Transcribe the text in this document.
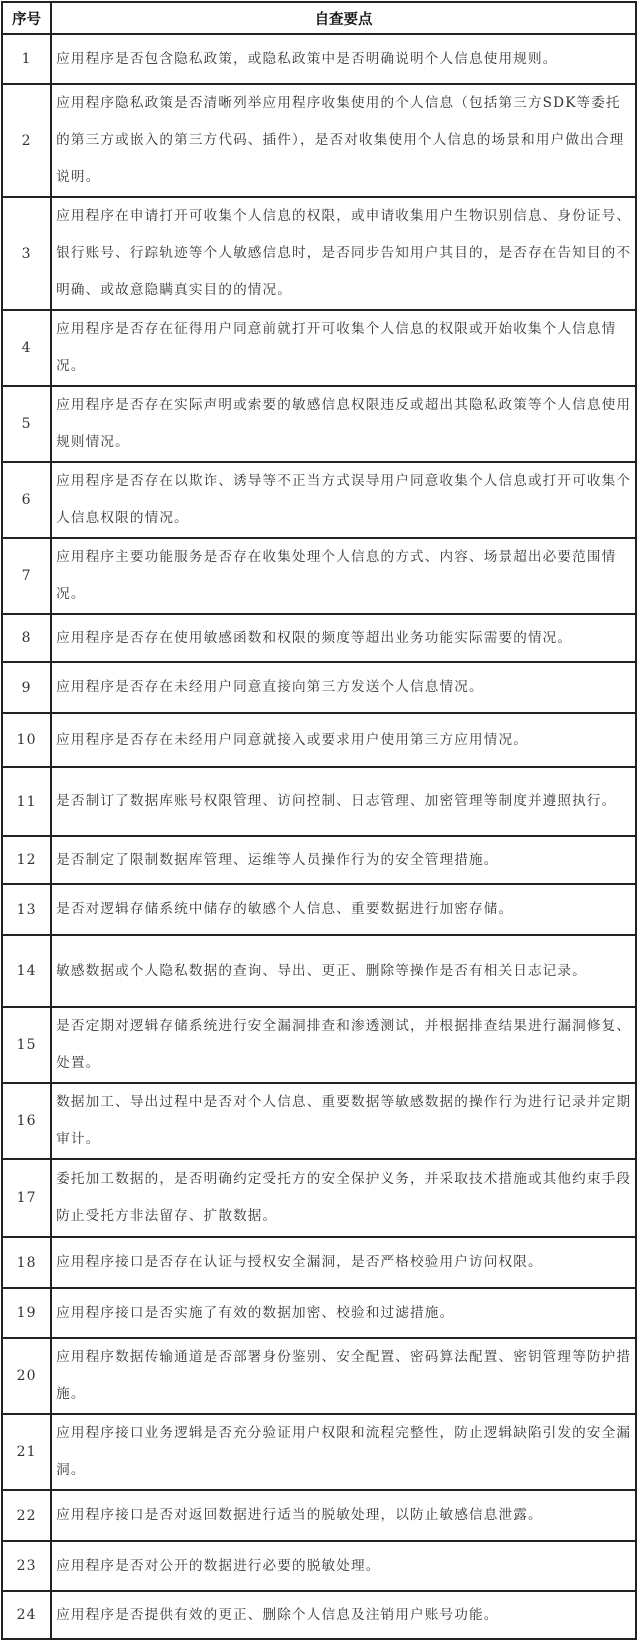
序号	自查要点
1	应用程序是否包含隐私政策，或隐私政策中是否明确说明个人信息使用规则。
2	应用程序隐私政策是否清晰列举应用程序收集使用的个人信息（包括第三方SDK等委托的第三方或嵌入的第三方代码、插件），是否对收集使用个人信息的场景和用户做出合理说明。
3	应用程序在申请打开可收集个人信息的权限，或申请收集用户生物识别信息、身份证号、银行账号、行踪轨迹等个人敏感信息时，是否同步告知用户其目的，是否存在告知目的不明确、或故意隐瞒真实目的的情况。
4	应用程序是否存在征得用户同意前就打开可收集个人信息的权限或开始收集个人信息情况。
5	应用程序是否存在实际声明或索要的敏感信息权限违反或超出其隐私政策等个人信息使用规则情况。
6	应用程序是否存在以欺诈、诱导等不正当方式误导用户同意收集个人信息或打开可收集个人信息权限的情况。
7	应用程序主要功能服务是否存在收集处理个人信息的方式、内容、场景超出必要范围情况。
8	应用程序是否存在使用敏感函数和权限的频度等超出业务功能实际需要的情况。
9	应用程序是否存在未经用户同意直接向第三方发送个人信息情况。
10	应用程序是否存在未经用户同意就接入或要求用户使用第三方应用情况。
11	是否制订了数据库账号权限管理、访问控制、日志管理、加密管理等制度并遵照执行。
12	是否制定了限制数据库管理、运维等人员操作行为的安全管理措施。
13	是否对逻辑存储系统中储存的敏感个人信息、重要数据进行加密存储。
14	敏感数据或个人隐私数据的查询、导出、更正、删除等操作是否有相关日志记录。
15	是否定期对逻辑存储系统进行安全漏洞排查和渗透测试，并根据排查结果进行漏洞修复、处置。
16	数据加工、导出过程中是否对个人信息、重要数据等敏感数据的操作行为进行记录并定期审计。
17	委托加工数据的，是否明确约定受托方的安全保护义务，并采取技术措施或其他约束手段防止受托方非法留存、扩散数据。
18	应用程序接口是否存在认证与授权安全漏洞，是否严格校验用户访问权限。
19	应用程序接口是否实施了有效的数据加密、校验和过滤措施。
20	应用程序数据传输通道是否部署身份鉴别、安全配置、密码算法配置、密钥管理等防护措施。
21	应用程序接口业务逻辑是否充分验证用户权限和流程完整性，防止逻辑缺陷引发的安全漏洞。
22	应用程序接口是否对返回数据进行适当的脱敏处理，以防止敏感信息泄露。
23	应用程序是否对公开的数据进行必要的脱敏处理。
24	应用程序是否提供有效的更正、删除个人信息及注销用户账号功能。
